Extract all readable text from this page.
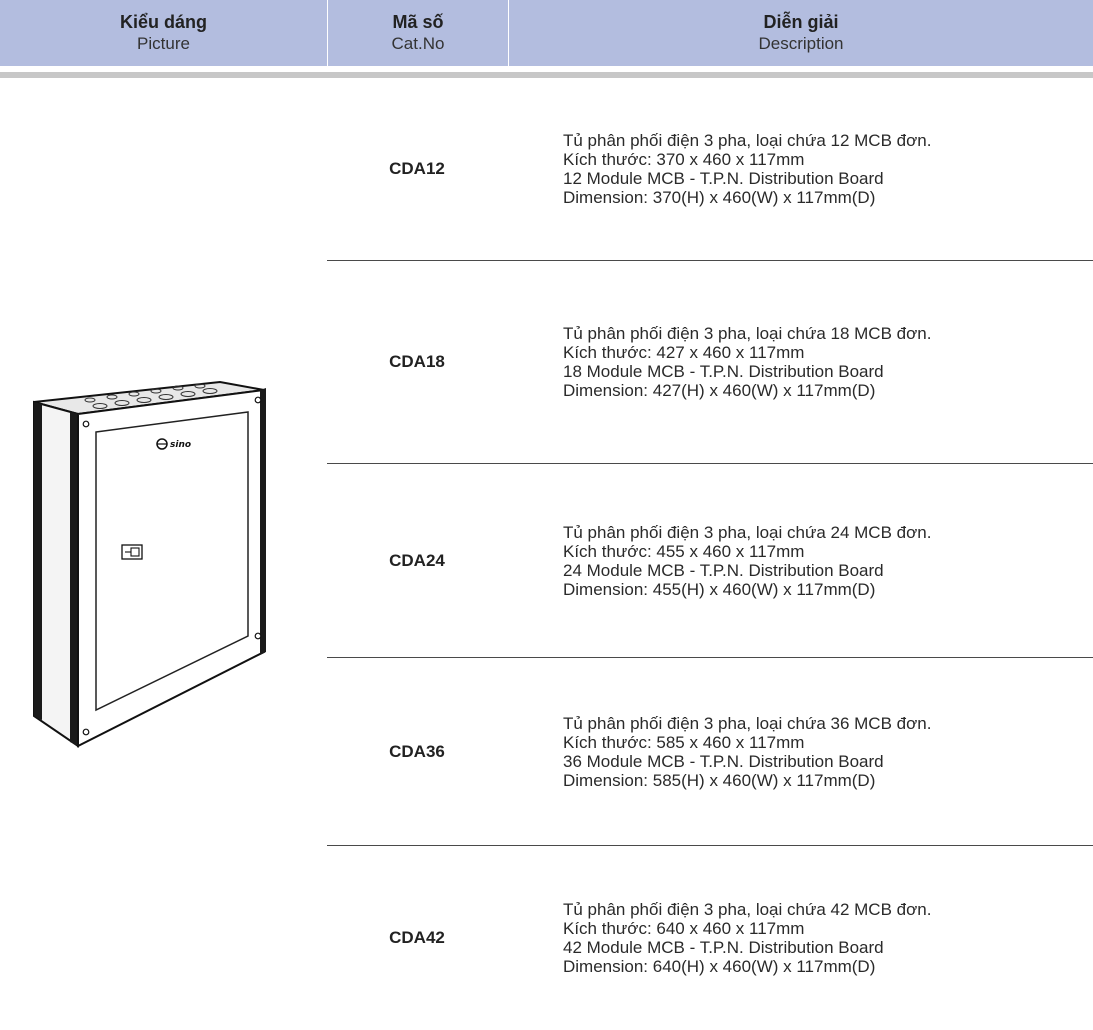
Kiểu dáng
Picture
Mã số
Cat.No
Diễn giải
Description
sino
CDA12
Tủ phân phối điện 3 pha, loại chứa 12 MCB đơn.
Kích thước: 370 x 460 x 117mm
12 Module MCB - T.P.N. Distribution Board
Dimension: 370(H) x 460(W) x 117mm(D)
CDA18
Tủ phân phối điện 3 pha, loại chứa 18 MCB đơn.
Kích thước: 427 x 460 x 117mm
18 Module MCB - T.P.N. Distribution Board
Dimension: 427(H) x 460(W) x 117mm(D)
CDA24
Tủ phân phối điện 3 pha, loại chứa 24 MCB đơn.
Kích thước: 455 x 460 x 117mm
24 Module MCB - T.P.N. Distribution Board
Dimension: 455(H) x 460(W) x 117mm(D)
CDA36
Tủ phân phối điện 3 pha, loại chứa 36 MCB đơn.
Kích thước: 585 x 460 x 117mm
36 Module MCB - T.P.N. Distribution Board
Dimension: 585(H) x 460(W) x 117mm(D)
CDA42
Tủ phân phối điện 3 pha, loại chứa 42 MCB đơn.
Kích thước: 640 x 460 x 117mm
42 Module MCB - T.P.N. Distribution Board
Dimension: 640(H) x 460(W) x 117mm(D)
